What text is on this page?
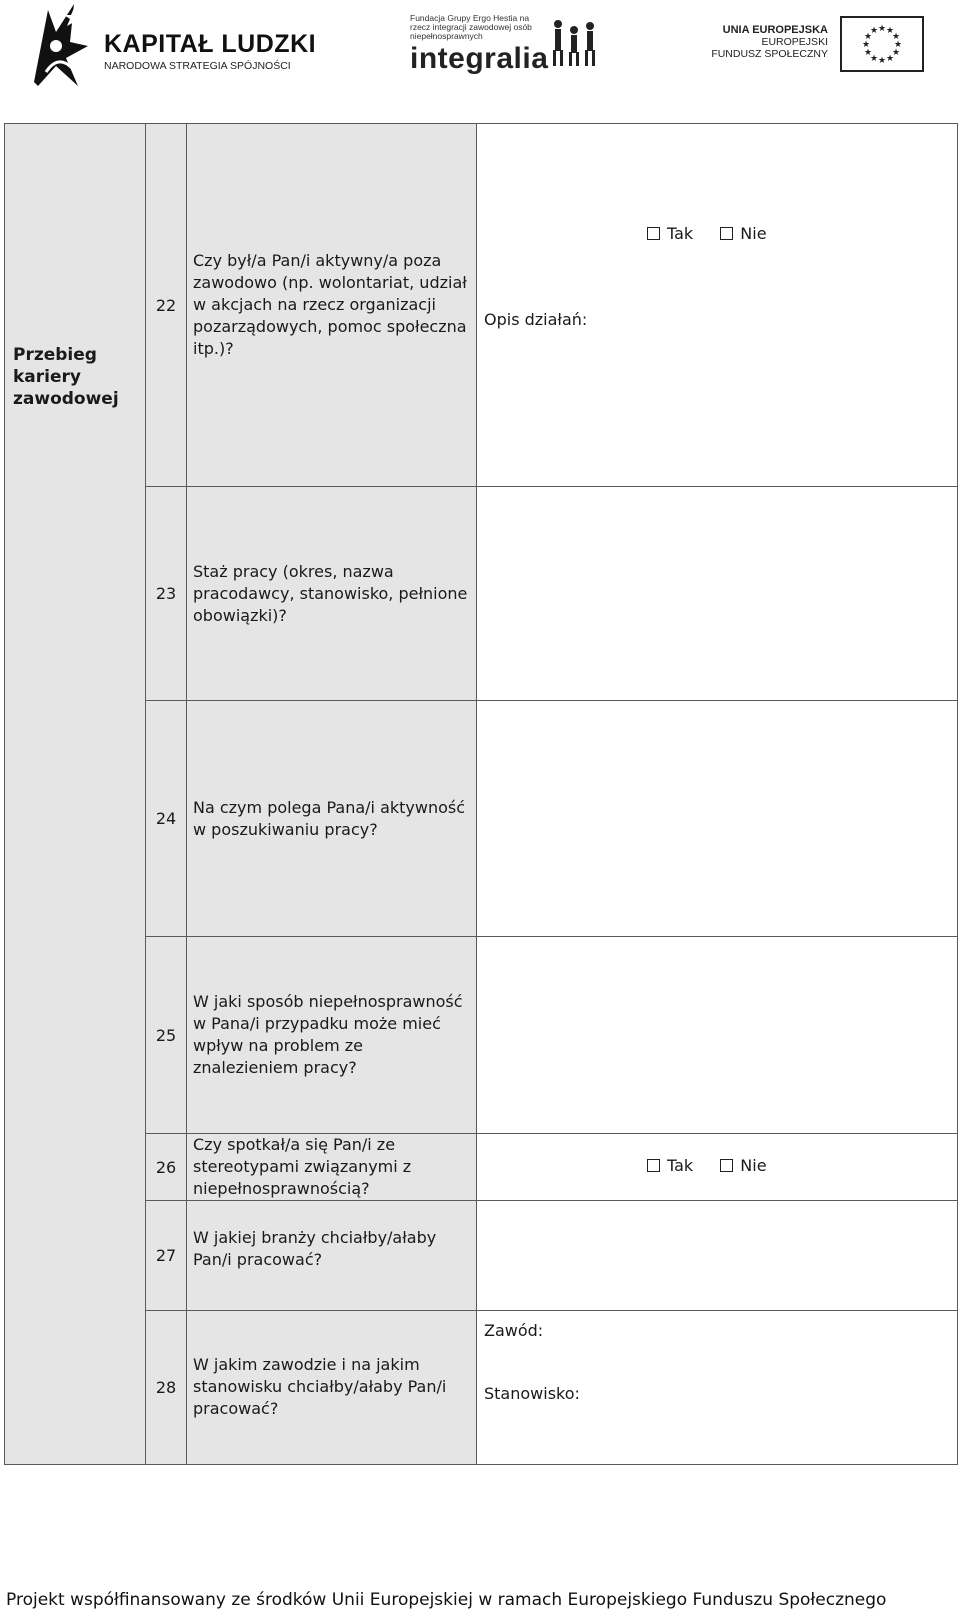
KAPITAŁ LUDZKI
NARODOWA STRATEGIA SPÓJNOŚCI
Fundacja Grupy Ergo Hestia na rzecz integracji zawodowej osób niepełnosprawnych
integralia
UNIA EUROPEJSKA
EUROPEJSKI
FUNDUSZ SPOŁECZNY
★ ★
★
★
★
★
★
★
★
★
★
★
Przebieg kariery zawodowej	22	Czy był/a Pan/i aktywny/a poza zawodowo (np. wolontariat, udział w akcjach na rzecz organizacji pozarządowych, pomoc społeczna itp.)?	Tak Nie
Opis działań:

	23	Staż pracy (okres, nazwa pracodawcy, stanowisko, pełnione obowiązki)?	
	24	Na czym polega Pana/i aktywność w poszukiwaniu pracy?	
	25	W jaki sposób niepełnosprawność w Pana/i przypadku może mieć wpływ na problem ze znalezieniem pracy?	
	26	Czy spotkał/a się Pan/i ze stereotypami związanymi z niepełnosprawnością?	Tak Nie

	27	W jakiej branży chciałby/ałaby Pan/i pracować?	
	28	W jakim zawodzie i na jakim stanowisku chciałby/ałaby Pan/i pracować?	Zawód:
Stanowisko:
Projekt współfinansowany ze środków Unii Europejskiej w ramach Europejskiego Funduszu Społecznego
